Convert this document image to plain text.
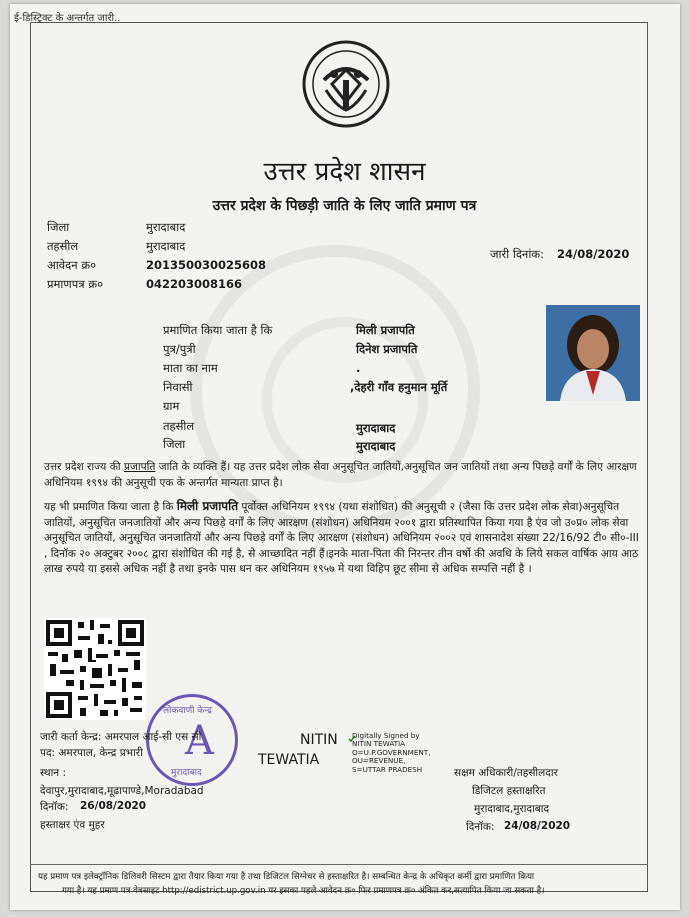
ई-डिस्ट्रिक्ट के अन्तर्गत जारी..
उत्तर प्रदेश शासन
उत्तर प्रदेश के पिछड़ी जाति के लिए जाति प्रमाण पत्र
जिला	मुरादाबाद
तहसील	मुरादाबाद
आवेदन क्र०	201350030025608
प्रमाणपत्र क्र०	042203008166
जारी दिनांक: 24/08/2020
प्रमाणित किया जाता है कि	मिली प्रजापति
पुत्र/पुत्री	दिनेश प्रजापति
माता का नाम	.
निवासी	,देहरी गाँव हनुमान मूर्ति
ग्राम
तहसील	मुरादाबाद
जिला	मुरादाबाद
उत्तर प्रदेश राज्य की प्रजापति जाति के व्यक्ति हैं। यह उत्तर प्रदेश लोक सेवा अनुसूचित जातियों,अनुसूचित जन जातियों तथा अन्य पिछड़े वर्गों के लिए आरक्षण अधिनियम १९९४ की अनुसूची एक के अन्तर्गत मान्यता प्राप्त है।
यह भी प्रमाणित किया जाता है कि मिली प्रजापति पूर्वोक्त अधिनियम १९९४ (यथा संशोधित) की अनुसूची २ (जैसा कि उत्तर प्रदेश लोक सेवा)अनुसूचित जातियों, अनुसूचित जनजातियों और अन्य पिछड़े वर्गों के लिए आरक्षण (संशोधन) अधिनियम २००१ द्वारा प्रतिस्थापित किया गया है एंव जो उ०प्र० लोक सेवा अनुसूचित जातियों, अनुसूचित जनजातियों और अन्य पिछड़े वर्गों के लिए आरक्षण (संशोधन) अधिनियम २००२ एवं शासनादेश संख्या 22/16/92 टी० सी०-III , दिनॉक २० अक्टुबर २००८ द्वारा संशोधित की गई है, से आच्छादित नहीं हैं।इनके माता-पिता की निरन्तर तीन वर्षो की अवधि के लिये सकल वार्षिक आय आठ लाख रुपये या इससे अधिक नहीं है तथा इनके पास धन कर अधिनियम १९५७ मे यथा विहिप छूट सीमा से अधिक सम्पत्ति नहीं है ।
लोकवाणी केन्द्र
A
मुरादाबाद
जारी कर्ता केन्द्र: अमरपाल आई-सी एस सी
पद: अमरपाल, केन्द्र प्रभारी
स्थान :
देवापुर,मुरादाबाद,मूढापाण्डे,Moradabad
दिनॉक: 26/08/2020
हस्ताक्षर एंव मुहर
NITIN
TEWATIA
Digitally Signed by
NITIN TEWATIA
O=U.P.GOVERNMENT,
OU=REVENUE,
S=UTTAR PRADESH	सक्षम अधिकारी/तहसीलदार
डिजिटल हस्ताक्षरित
मुरादाबाद,मुरादाबाद
दिनॉक: 24/08/2020
यह प्रमाण पत्र इलेक्ट्रॉनिक डिलिवरी सिस्टम द्वारा तैयार किया गया है तथा डिजिटल सिग्नेचर से हस्ताक्षरित है। सम्बन्धित केन्द्र के अधिकृत कर्मी द्वारा प्रमाणित किया
गया है। यह प्रमाण पत्र वेबसाइट http://edistrict.up.gov.in पर इसका पहले आवेदन क्र० फिर प्रमाणपत्र क्र० अंकित कर,सत्यापित किया जा सकता है।
